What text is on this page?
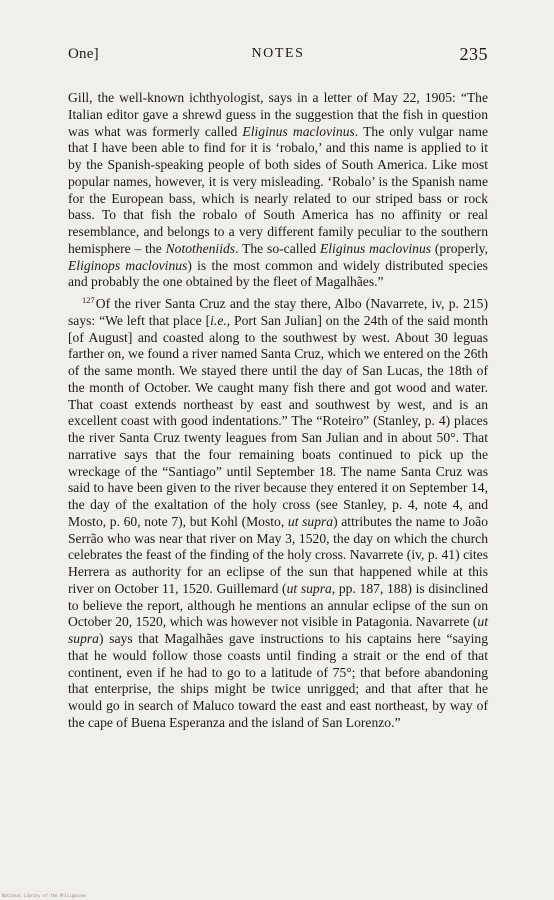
One]	NOTES	235

Gill, the well-known ichthyologist, says in a letter of May 22, 1905: “The Italian editor gave a shrewd guess in the suggestion that the fish in question was what was formerly called Eliginus maclovinus. The only vulgar name that I have been able to find for it is ‘robalo,’ and this name is applied to it by the Spanish-speaking people of both sides of South America. Like most popular names, however, it is very misleading. ‘Robalo’ is the Spanish name for the European bass, which is nearly related to our striped bass or rock bass. To that fish the robalo of South America has no affinity or real resemblance, and belongs to a very different family peculiar to the southern hemisphere – the Nototheniids. The so-called Eliginus maclovinus (properly, Eliginops maclovinus) is the most common and widely distributed species and probably the one obtained by the fleet of Magalhães.”

$^{127}$Of the river Santa Cruz and the stay there, Albo (Navarrete, iv, p. 215) says: “We left that place [i.e., Port San Julian] on the 24th of the said month [of August] and coasted along to the southwest by west. About 30 leguas farther on, we found a river named Santa Cruz, which we entered on the 26th of the same month. We stayed there until the day of San Lucas, the 18th of the month of October. We caught many fish there and got wood and water. That coast extends northeast by east and southwest by west, and is an excellent coast with good indentations.” The “Roteiro” (Stanley, p. 4) places the river Santa Cruz twenty leagues from San Julian and in about 50°. That narrative says that the four remaining boats continued to pick up the wreckage of the “Santiago” until September 18. The name Santa Cruz was said to have been given to the river because they entered it on September 14, the day of the exaltation of the holy cross (see Stanley, p. 4, note 4, and Mosto, p. 60, note 7), but Kohl (Mosto, ut supra) attributes the name to João Serrão who was near that river on May 3, 1520, the day on which the church celebrates the feast of the finding of the holy cross. Navarrete (iv, p. 41) cites Herrera as authority for an eclipse of the sun that happened while at this river on October 11, 1520. Guillemard (ut supra, pp. 187, 188) is disinclined to believe the report, although he mentions an annular eclipse of the sun on October 20, 1520, which was however not visible in Patagonia. Navarrete (ut supra) says that Magalhães gave instructions to his captains here “saying that he would follow those coasts until finding a strait or the end of that continent, even if he had to go to a latitude of 75°; that before abandoning that enterprise, the ships might be twice unrigged; and that after that he would go in search of Maluco toward the east and east northeast, by way of the cape of Buena Esperanza and the island of San Lorenzo.”

National Library of the Philippines
